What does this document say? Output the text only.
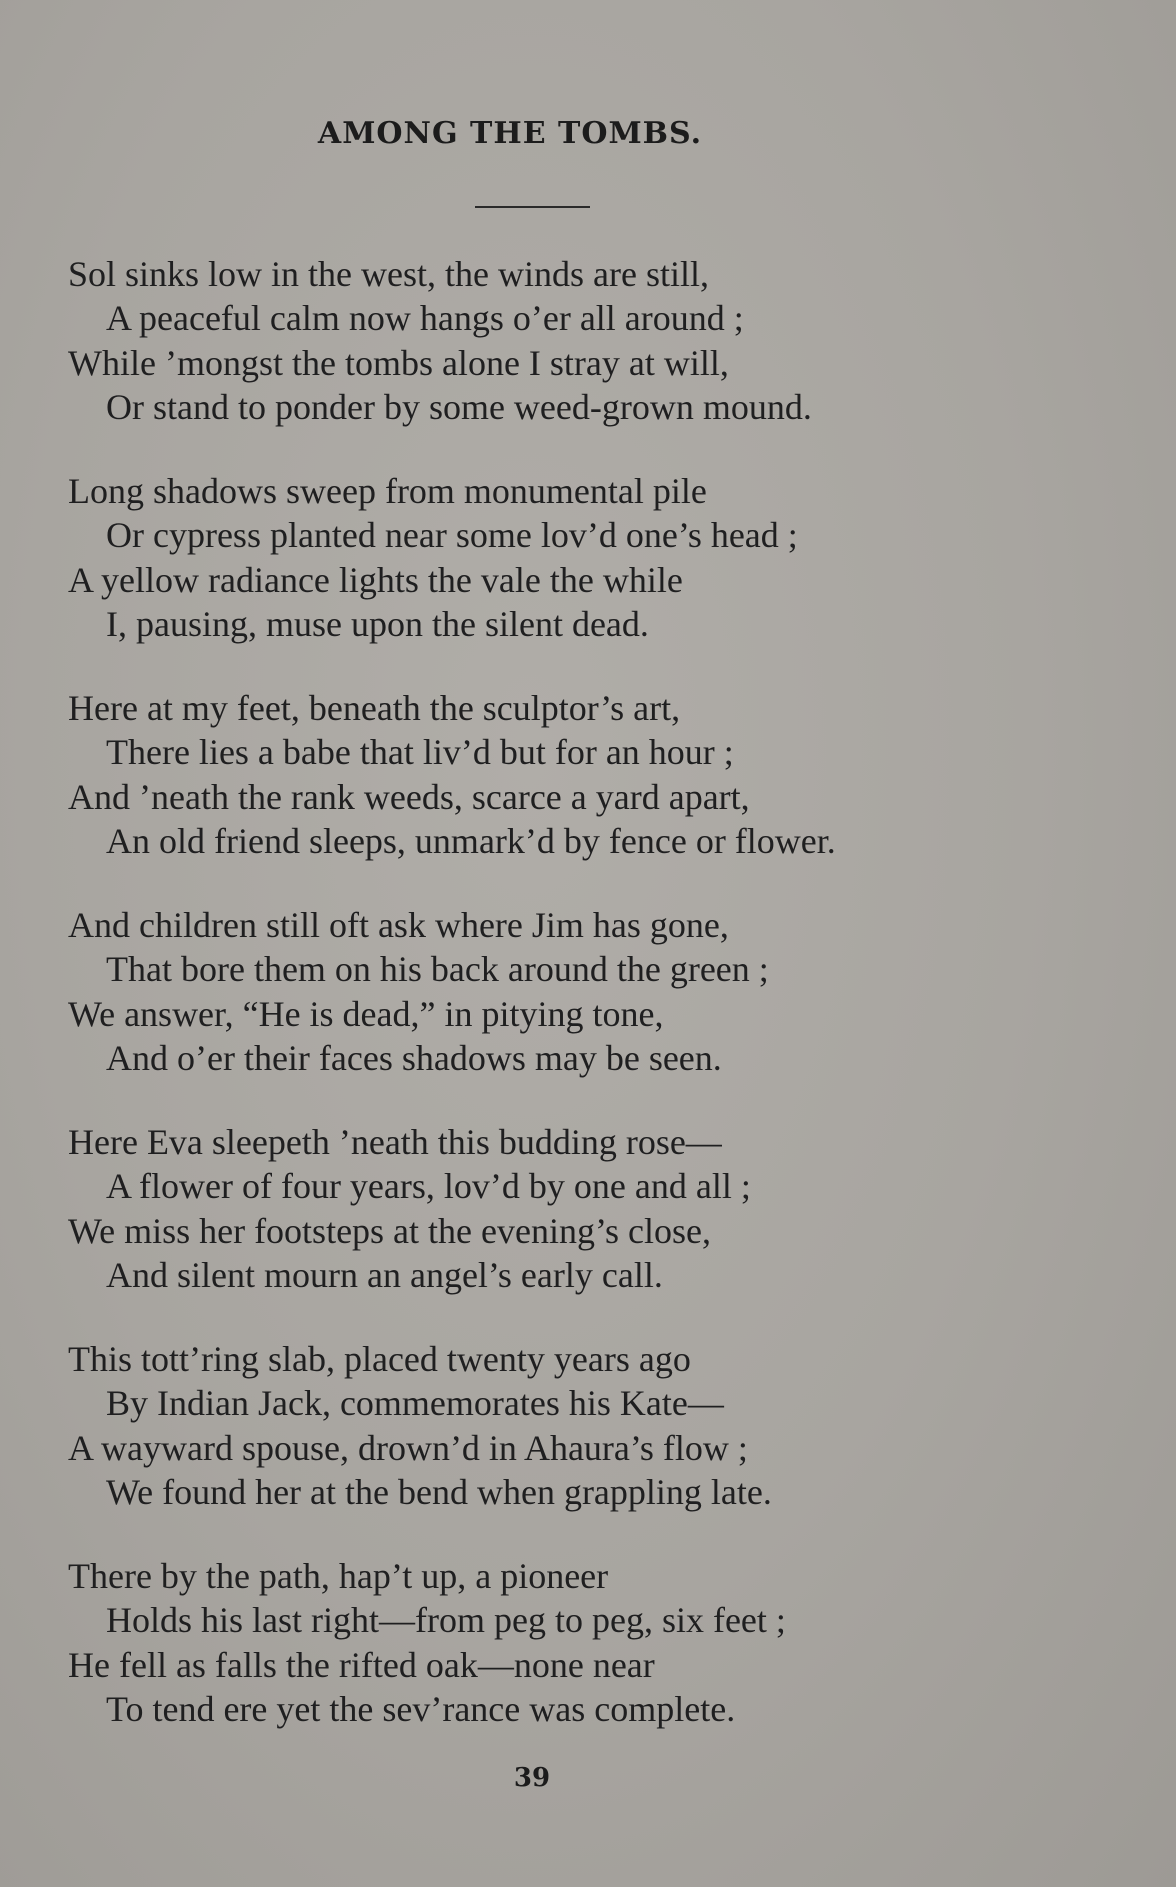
AMONG THE TOMBS.
Sol sinks low in the west, the winds are still,
A peaceful calm now hangs o’er all around ;
While ’mongst the tombs alone I stray at will,
Or stand to ponder by some weed-grown mound.
Long shadows sweep from monumental pile
Or cypress planted near some lov’d one’s head ;
A yellow radiance lights the vale the while
I, pausing, muse upon the silent dead.
Here at my feet, beneath the sculptor’s art,
There lies a babe that liv’d but for an hour ;
And ’neath the rank weeds, scarce a yard apart,
An old friend sleeps, unmark’d by fence or flower.
And children still oft ask where Jim has gone,
That bore them on his back around the green ;
We answer, “He is dead,” in pitying tone,
And o’er their faces shadows may be seen.
Here Eva sleepeth ’neath this budding rose—
A flower of four years, lov’d by one and all ;
We miss her footsteps at the evening’s close,
And silent mourn an angel’s early call.
This tott’ring slab, placed twenty years ago
By Indian Jack, commemorates his Kate—
A wayward spouse, drown’d in Ahaura’s flow ;
We found her at the bend when grappling late.
There by the path, hap’t up, a pioneer
Holds his last right—from peg to peg, six feet ;
He fell as falls the rifted oak—none near
To tend ere yet the sev’rance was complete.
39
